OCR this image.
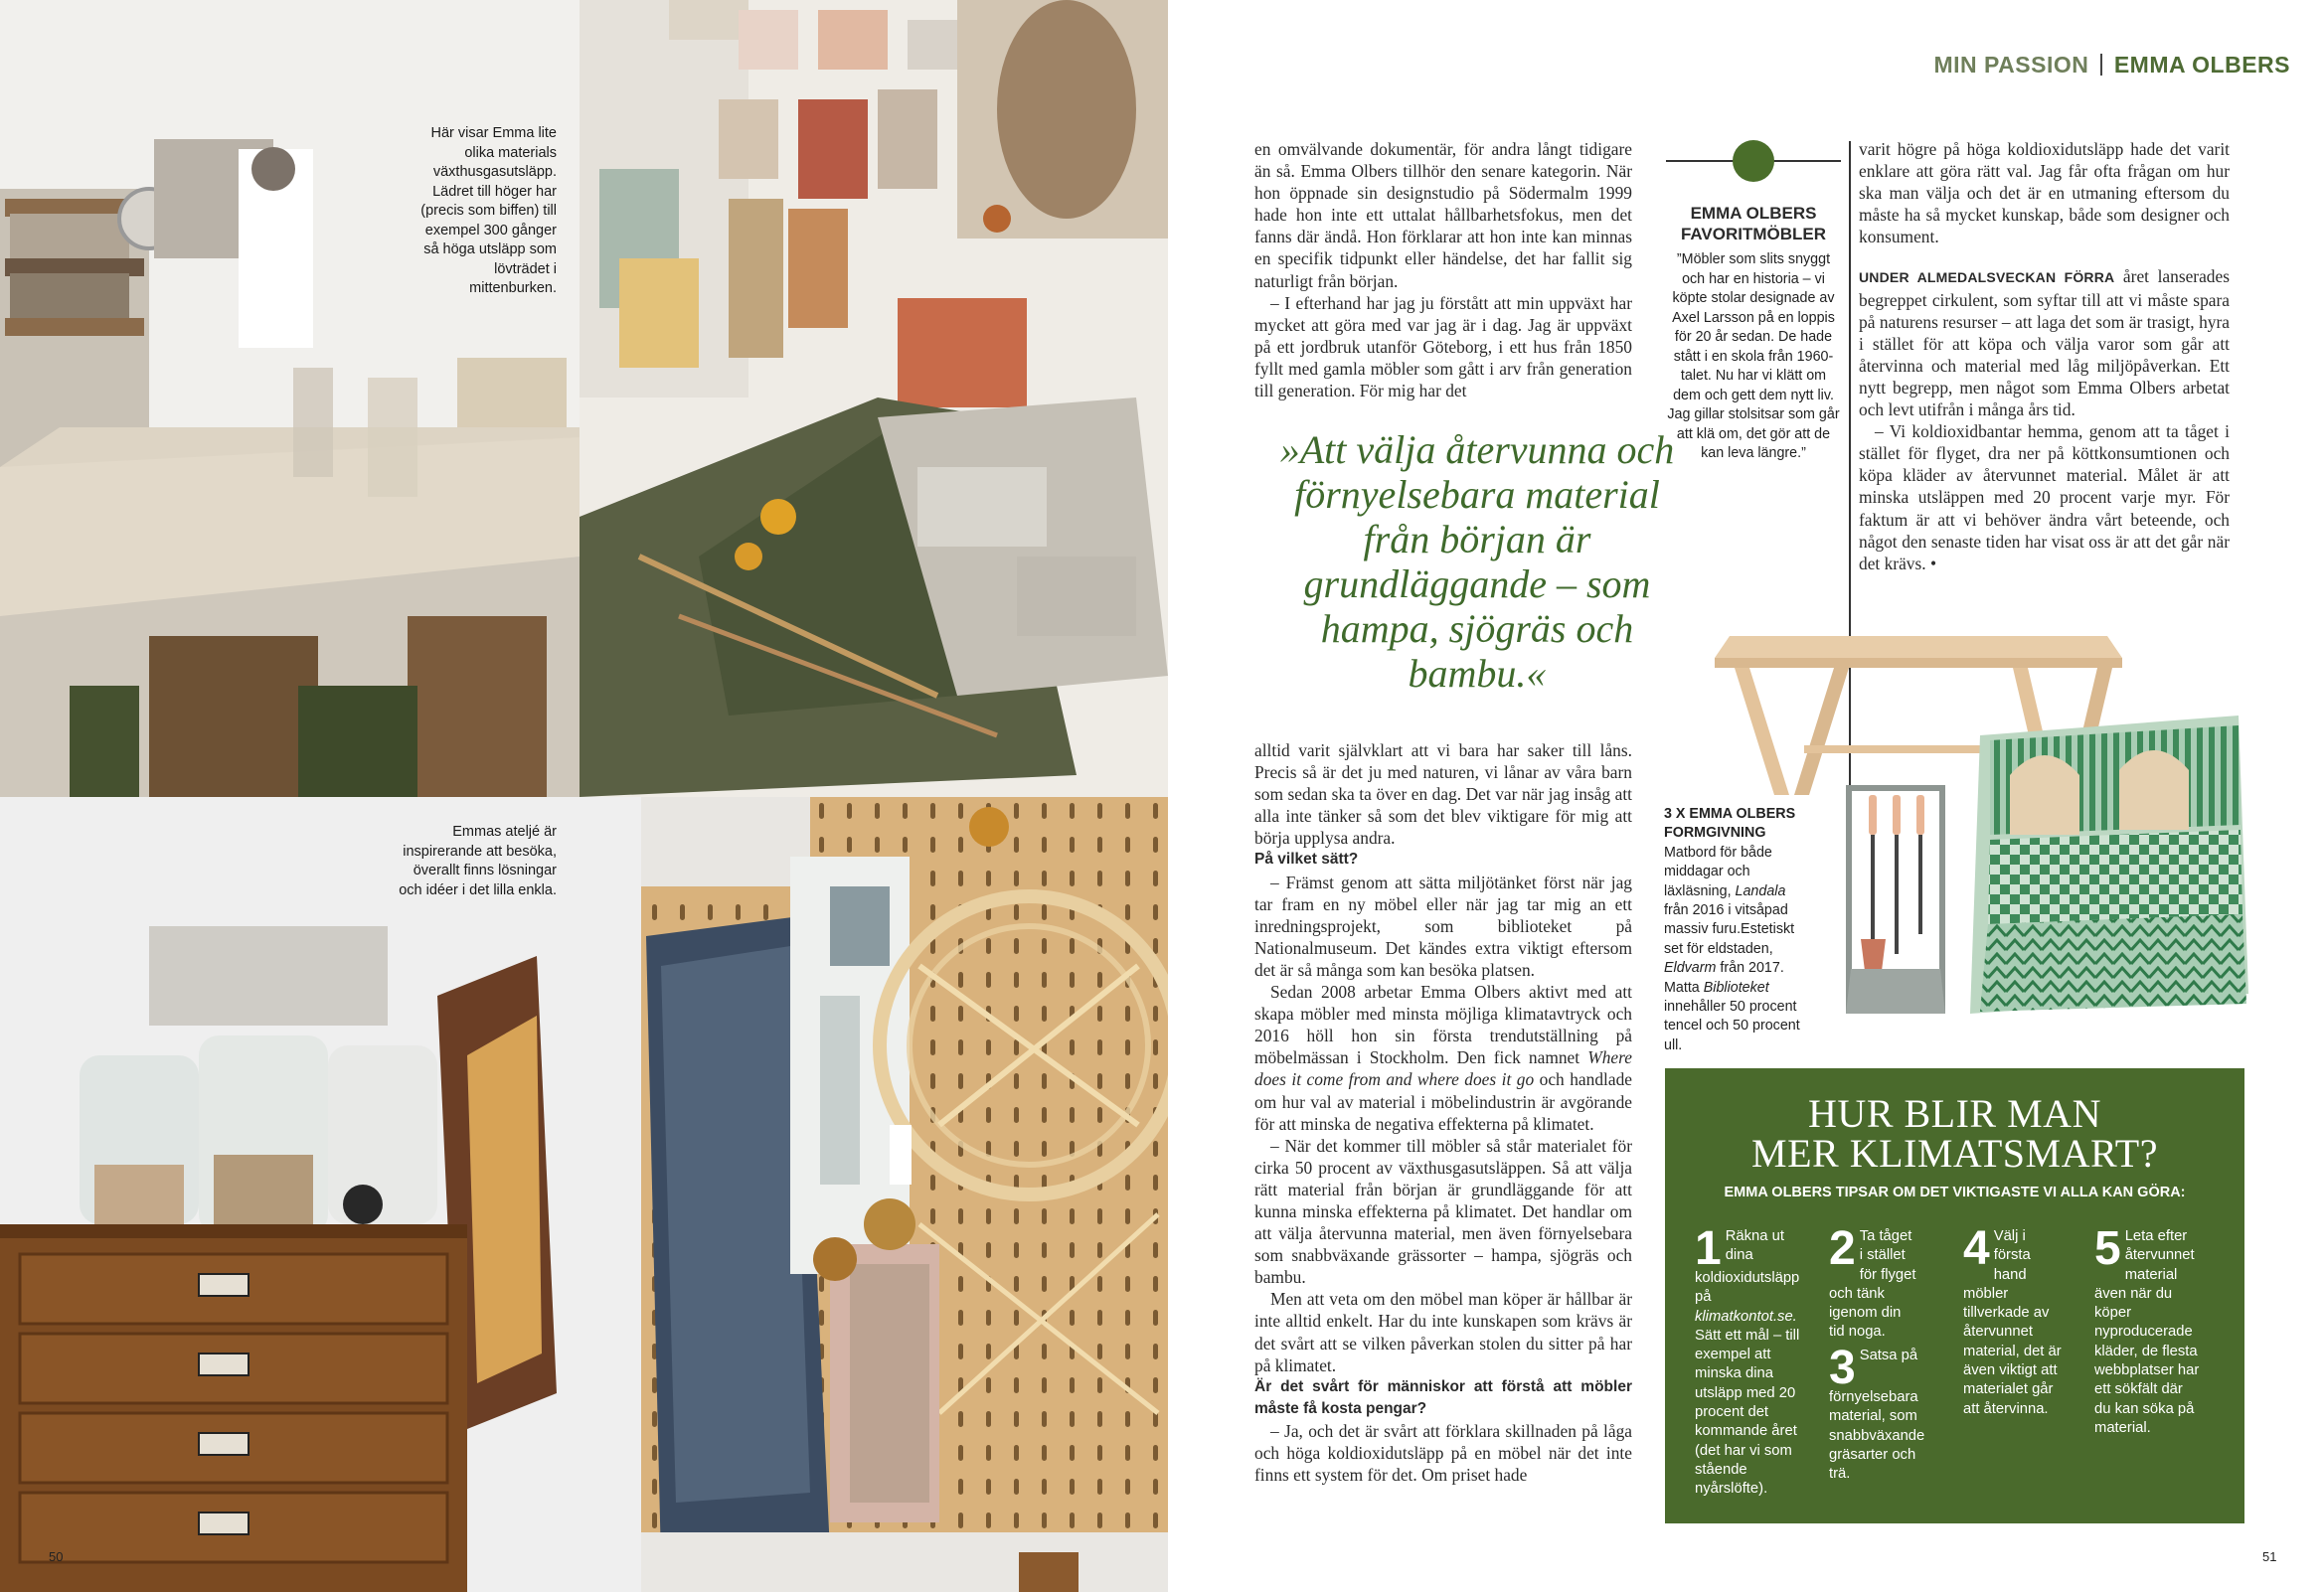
Här visar Emma lite olika materials växthusgasutsläpp. Lädret till höger har (precis som biffen) till exempel 300 gånger så höga utsläpp som lövträdet i mittenburken.
Emmas ateljé är inspirerande att besöka, överallt finns lösningar och idéer i det lilla enkla.
50
MIN PASSION EMMA OLBERS

en omvälvande dokumentär, för andra långt tidigare än så. Emma Olbers tillhör den senare kategorin. När hon öppnade sin designstudio på Södermalm 1999 hade hon inte ett uttalat hållbarhetsfokus, men det fanns där ändå. Hon förklarar att hon inte kan minnas en specifik tidpunkt eller händelse, det har fallit sig naturligt från början.

– I efterhand har jag ju förstått att min uppväxt har mycket att göra med var jag är i dag. Jag är uppväxt på ett jordbruk utanför Göteborg, i ett hus från 1850 fyllt med gamla möbler som gått i arv från generation till generation. För mig har det

»Att välja återvunna och förnyelsebara material från början är grundläggande – som hampa, sjögräs och bambu.«

alltid varit självklart att vi bara har saker till låns. Precis så är det ju med naturen, vi lånar av våra barn som sedan ska ta över en dag. Det var när jag insåg att alla inte tänker så som det blev viktigare för mig att börja upplysa andra.

På vilket sätt?

– Främst genom att sätta miljötänket först när jag tar fram en ny möbel eller när jag tar mig an ett inredningsprojekt, som biblioteket på Nationalmuseum. Det kändes extra viktigt eftersom det är så många som kan besöka platsen.

Sedan 2008 arbetar Emma Olbers aktivt med att skapa möbler med minsta möjliga klimatavtryck och 2016 höll hon sin första trendutställning på möbelmässan i Stockholm. Den fick namnet Where does it come from and where does it go och handlade om hur val av material i möbelindustrin är avgörande för att minska de negativa effekterna på klimatet.

– När det kommer till möbler så står materialet för cirka 50 procent av växthusgasutsläppen. Så att välja rätt material från början är grundläggande för att kunna minska effekterna på klimatet. Det handlar om att välja återvunna material, men även förnyelsebara som snabbväxande grässorter – hampa, sjögräs och bambu.

Men att veta om den möbel man köper är hållbar är inte alltid enkelt. Har du inte kunskapen som krävs är det svårt att se vilken påverkan stolen du sitter på har på klimatet.

Är det svårt för människor att förstå att möbler måste få kosta pengar?

– Ja, och det är svårt att förklara skillnaden på låga och höga koldioxidutsläpp på en möbel när det inte finns ett system för det. Om priset hade

EMMA OLBERS FAVORITMÖBLER
”Möbler som slits snyggt och har en historia – vi köpte stolar designade av Axel Larsson på en loppis för 20 år sedan. De hade stått i en skola från 1960-talet. Nu har vi klätt om dem och gett dem nytt liv. Jag gillar stolsitsar som går att klä om, det gör att de kan leva längre.”

varit högre på höga koldioxidutsläpp hade det varit enklare att göra rätt val. Jag får ofta frågan om hur ska man välja och det är en utmaning eftersom du måste ha så mycket kunskap, både som designer och konsument.

UNDER ALMEDALSVECKAN FÖRRA året lanserades begreppet cirkulent, som syftar till att vi måste spara på naturens resurser – att laga det som är trasigt, hyra i stället för att köpa och välja varor som går att återvinna och material med låg miljöpåverkan. Ett nytt begrepp, men något som Emma Olbers arbetat och levt utifrån i många års tid.

– Vi koldioxidbantar hemma, genom att ta tåget i stället för flyget, dra ner på köttkonsumtionen och köpa kläder av återvunnet material. Målet är att minska utsläppen med 20 procent varje myr. För faktum är att vi behöver ändra vårt beteende, och något den senaste tiden har visat oss är att det går när det krävs. •

3 X EMMA OLBERS FORMGIVNING
Matbord för både middagar och läxläsning, Landala från 2016 i vitsåpad massiv furu.Estetiskt set för eldstaden, Eldvarm från 2017. Matta Biblioteket innehåller 50 procent tencel och 50 procent ull.
HUR BLIR MAN
MER KLIMATSMART?
EMMA OLBERS TIPSAR OM DET VIKTIGASTE VI ALLA KAN GÖRA:
1 Räkna ut dina koldioxidutsläpp på klimatkontot.se. Sätt ett mål – till exempel att minska dina utsläpp med 20 procent det kommande året (det har vi som stående nyårslöfte).
2 Ta tåget i stället för flyget och tänk igenom din tid noga.
3 Satsa på förnyelsebara material, som snabbväxande gräsarter och trä.
4 Välj i första hand möbler tillverkade av återvunnet material, det är även viktigt att materialet går att återvinna.
5 Leta efter återvunnet material även när du köper nyproducerade kläder, de flesta webbplatser har ett sökfält där du kan söka på material.
51
